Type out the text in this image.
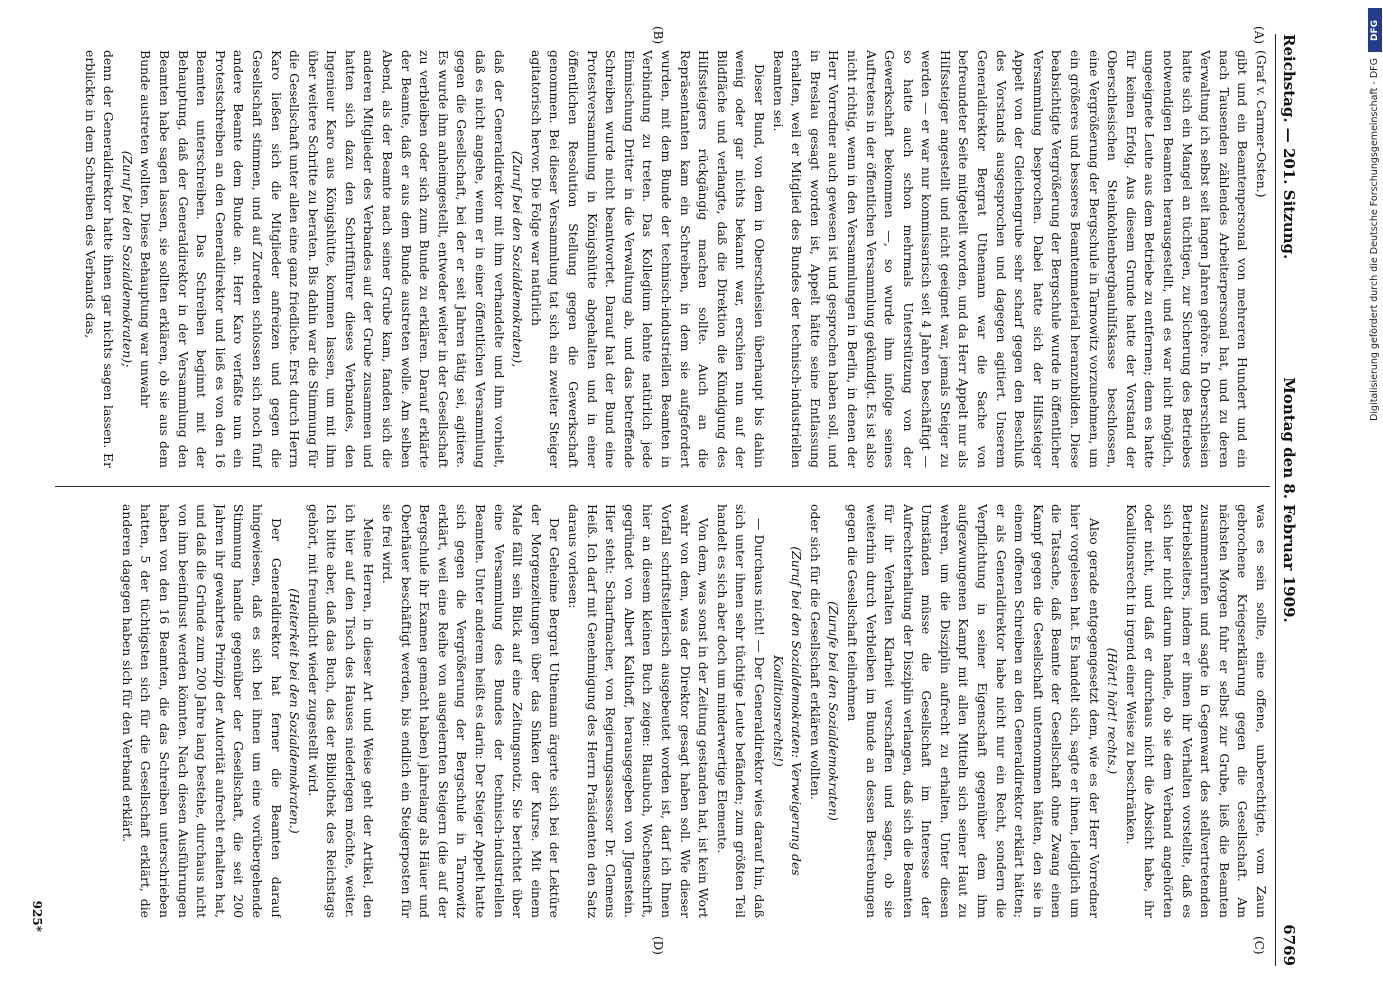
Reichstag. — 201. Sitzung.
Montag den 8. Februar 1909.
6769
(A)
(B)
(C)
(D)

(Graf v. Carmer-Osten.)

gibt und ein Beamtenpersonal von mehreren Hundert und ein nach Tausenden zählendes Arbeiterpersonal hat, und zu deren Verwaltung ich selbst seit langen Jahren gehöre. In Oberschlesien hatte sich ein Mangel an tüchtigen, zur Sicherung des Betriebes notwendigen Beamten herausgestellt, und es war nicht möglich, ungeeignete Leute aus dem Betriebe zu entfernen; denn es hatte für keinen Erfolg. Aus diesem Grunde hatte der Vorstand der Oberschlesischen Steinkohlenbergbauhilfskasse beschlossen, eine Vergrößerung der Bergschule in Tarnowitz vorzunehmen, um ein größeres und besseres Beamtenmaterial heranzubilden. Diese beabsichtigte Vergrößerung der Bergschule wurde in öffentlicher Versammlung besprochen. Dabei hatte sich der Hilfssteiger Appelt von der Gleichengrube sehr scharf gegen den Beschluß des Vorstands ausgesprochen und dagegen agitiert. Unserem Generaldirektor Bergrat Uthemann war die Sache von befreundeter Seite mitgeteilt worden, und da Herr Appelt nur als Hilfssteiger angestellt und nicht geeignet war, jemals Steiger zu werden — er war nur kommissarisch seit 4 Jahren beschäftigt — so hatte auch schon mehrmals Unterstützung von der Gewerkschaft bekommen —, so wurde ihm infolge seines Auftretens in der öffentlichen Versammlung gekündigt. Es ist also nicht richtig, wenn in den Versammlungen in Berlin, in denen der Herr Vorredner auch gewesen ist und gesprochen haben soll, und in Breslau gesagt worden ist, Appelt hätte seine Entlassung erhalten, weil er Mitglied des Bundes der technisch-industriellen Beamten sei.

Dieser Bund, von dem in Oberschlesien überhaupt bis dahin wenig oder gar nichts bekannt war, erschien nun auf der Bildfläche und verlangte, daß die Direktion die Kündigung des Hilfssteigers rückgängig machen sollte. Auch an die Repräsentanten kam ein Schreiben, in dem sie aufgefordert wurden, mit dem Bunde der technisch-industriellen Beamten in Verbindung zu treten. Das Kollegium lehnte natürlich jede Einmischung Dritter in die Verwaltung ab, und das betreffende Schreiben wurde nicht beantwortet. Darauf hat der Bund eine Protestversammlung in Königshütte abgehalten und in einer öffentlichen Resolution Stellung gegen die Gewerkschaft genommen. Bei dieser Versammlung tat sich ein zweiter Steiger agitatorisch hervor. Die Folge war natürlich

(Zuruf bei den Sozialdemokraten),

daß der Generaldirektor mit ihm verhandelte und ihm vorhielt, daß es nicht angehe, wenn er in einer öffentlichen Versammlung gegen die Gesellschaft, bei der er seit Jahren tätig sei, agitiere. Es wurde ihm anheimgestellt, entweder weiter in der Gesellschaft zu verbleiben oder sich zum Bunde zu erklären. Darauf erklärte der Beamte, daß er aus dem Bunde austreten wolle. Am selben Abend, als der Beamte nach seiner Grube kam, fanden sich die anderen Mitglieder des Verbandes auf der Grube zusammen und hatten sich dazu den Schriftführer dieses Verbandes, den Ingenieur Karo aus Königshütte, kommen lassen, um mit ihm über weitere Schritte zu beraten. Bis dahin war die Stimmung für die Gesellschaft unter allen eine ganz friedliche. Erst durch Herrn Karo ließen sich die Mitglieder anfreizen und gegen die Gesellschaft stimmen, und auf Zureden schlossen sich noch fünf andere Beamte dem Bunde an. Herr Karo verfaßte nun ein Protestschreiben an den Generaldirektor und ließ es von den 16 Beamten unterschreiben. Das Schreiben beginnt mit der Behauptung, daß der Generaldirektor in der Versammlung den Beamten habe sagen lassen, sie sollten erklären, ob sie aus dem Bunde austreten wollten. Diese Behauptung war unwahr

(Zuruf bei den Sozialdemokraten);

denn der Generaldirektor hatte ihnen gar nichts sagen lassen. Er erblickte in dem Schreiben des Verbands das,

was es sein sollte, eine offene, unberechtigte, vom Zaun gebrochene Kriegserklärung gegen die Gesellschaft. Am nächsten Morgen fuhr er selbst zur Grube, ließ die Beamten zusammenrufen und sagte in Gegenwart des stellvertretenden Betriebsleiters, indem er ihnen ihr Verhalten vorstellte, daß es sich hier nicht darum handle, ob sie dem Verband angehörten oder nicht, und daß er durchaus nicht die Absicht habe, ihr Koalitionsrecht in irgend einer Weise zu beschränken.

(Hört! hört! rechts.)

Also gerade entgegengesetzt dem, wie es der Herr Vorredner hier vorgelesen hat. Es handelt sich, sagte er ihnen, lediglich um die Tatsache, daß Beamte der Gesellschaft ohne Zwang einen Kampf gegen die Gesellschaft unternommen hätten, den sie in einem offenen Schreiben an den Generaldirektor erklärt hätten; er als Generaldirektor habe nicht nur ein Recht, sondern die Verpflichtung in seiner Eigenschaft gegenüber dem ihm aufgezwungenen Kampf mit allen Mitteln sich seiner Haut zu wehren, um die Disziplin aufrecht zu erhalten. Unter diesen Umständen müsse die Gesellschaft im Interesse der Aufrechterhaltung der Disziplin verlangen, daß sich die Beamten für ihr Verhalten Klarheit verschaffen und sagen, ob sie weiterhin durch Verbleiben im Bunde an dessen Bestrebungen gegen die Gesellschaft teilnehmen

(Zurufe bei den Sozialdemokraten)

oder sich für die Gesellschaft erklären wollten.

(Zuruf bei den Sozialdemokraten: Verweigerung des Koalitionsrechts!)

— Durchaus nicht! — Der Generaldirektor wies darauf hin, daß sich unter ihnen sehr tüchtige Leute befänden; zum größten Teil handelt es sich aber doch um minderwertige Elemente.

Von dem, was sonst in der Zeitung gestanden hat, ist kein Wort wahr von dem, was der Direktor gesagt haben soll. Wie dieser Vorfall schriftstellerisch ausgebeutet worden ist, darf ich Ihnen hier an diesem kleinen Buch zeigen: Blaubuch, Wochenschrift, gegründet von Albert Kalthoff, herausgegeben von Jlgenstein. Hier steht: Scharfmacher, von Regierungsassessor Dr. Clemens Heiß. Ich darf mit Genehmigung des Herrn Präsidenten den Satz daraus vorlesen:

Der Geheime Bergrat Uthemann ärgerte sich bei der Lektüre der Morgenzeitungen über das Sinken der Kurse. Mit einem Male fällt sein Blick auf eine Zeitungsnotiz. Sie berichtet über eine Versammlung des Bundes der technisch-industriellen Beamten. Unter anderem heißt es darin: Der Steiger Appelt hatte sich gegen die Vergrößerung der Bergschule in Tarnowitz erklärt, weil eine Reihe von ausgelernten Steigern (die auf der Bergschule ihr Examen gemacht haben) jahrelang als Häuer und Oberhäuer beschäftigt werden, bis endlich ein Steigerposten für sie frei wird.

Meine Herren, in dieser Art und Weise geht der Artikel, den ich hier auf den Tisch des Hauses niederlegen möchte, weiter. Ich bitte aber, daß das Buch, das der Bibliothek des Reichstags gehört, mit freundlicht wieder zugestellt wird.

(Heiterkeit bei den Sozialdemokraten.)

Der Generaldirektor hat ferner die Beamten darauf hingewiesen, daß es sich bei ihnen um eine vorübergehende Stimmung handle gegenüber der Gesellschaft, die seit 200 Jahren ihr gewahrtes Prinzip der Autorität aufrecht erhalten hat, und daß die Gründe zum 200 Jahre lang bestehe, durchaus nicht von ihm beeinflusst werden könnten. Nach diesen Ausführungen haben von den 16 Beamten, die das Schreiben unterschrieben hatten, 5 der tüchtigsten sich für die Gesellschaft erklärt, die anderen dagegen haben sich für den Verband erklärt.

925*
DFG
Digitalisierung gefördert durch die Deutsche Forschungsgemeinschaft - DFG
